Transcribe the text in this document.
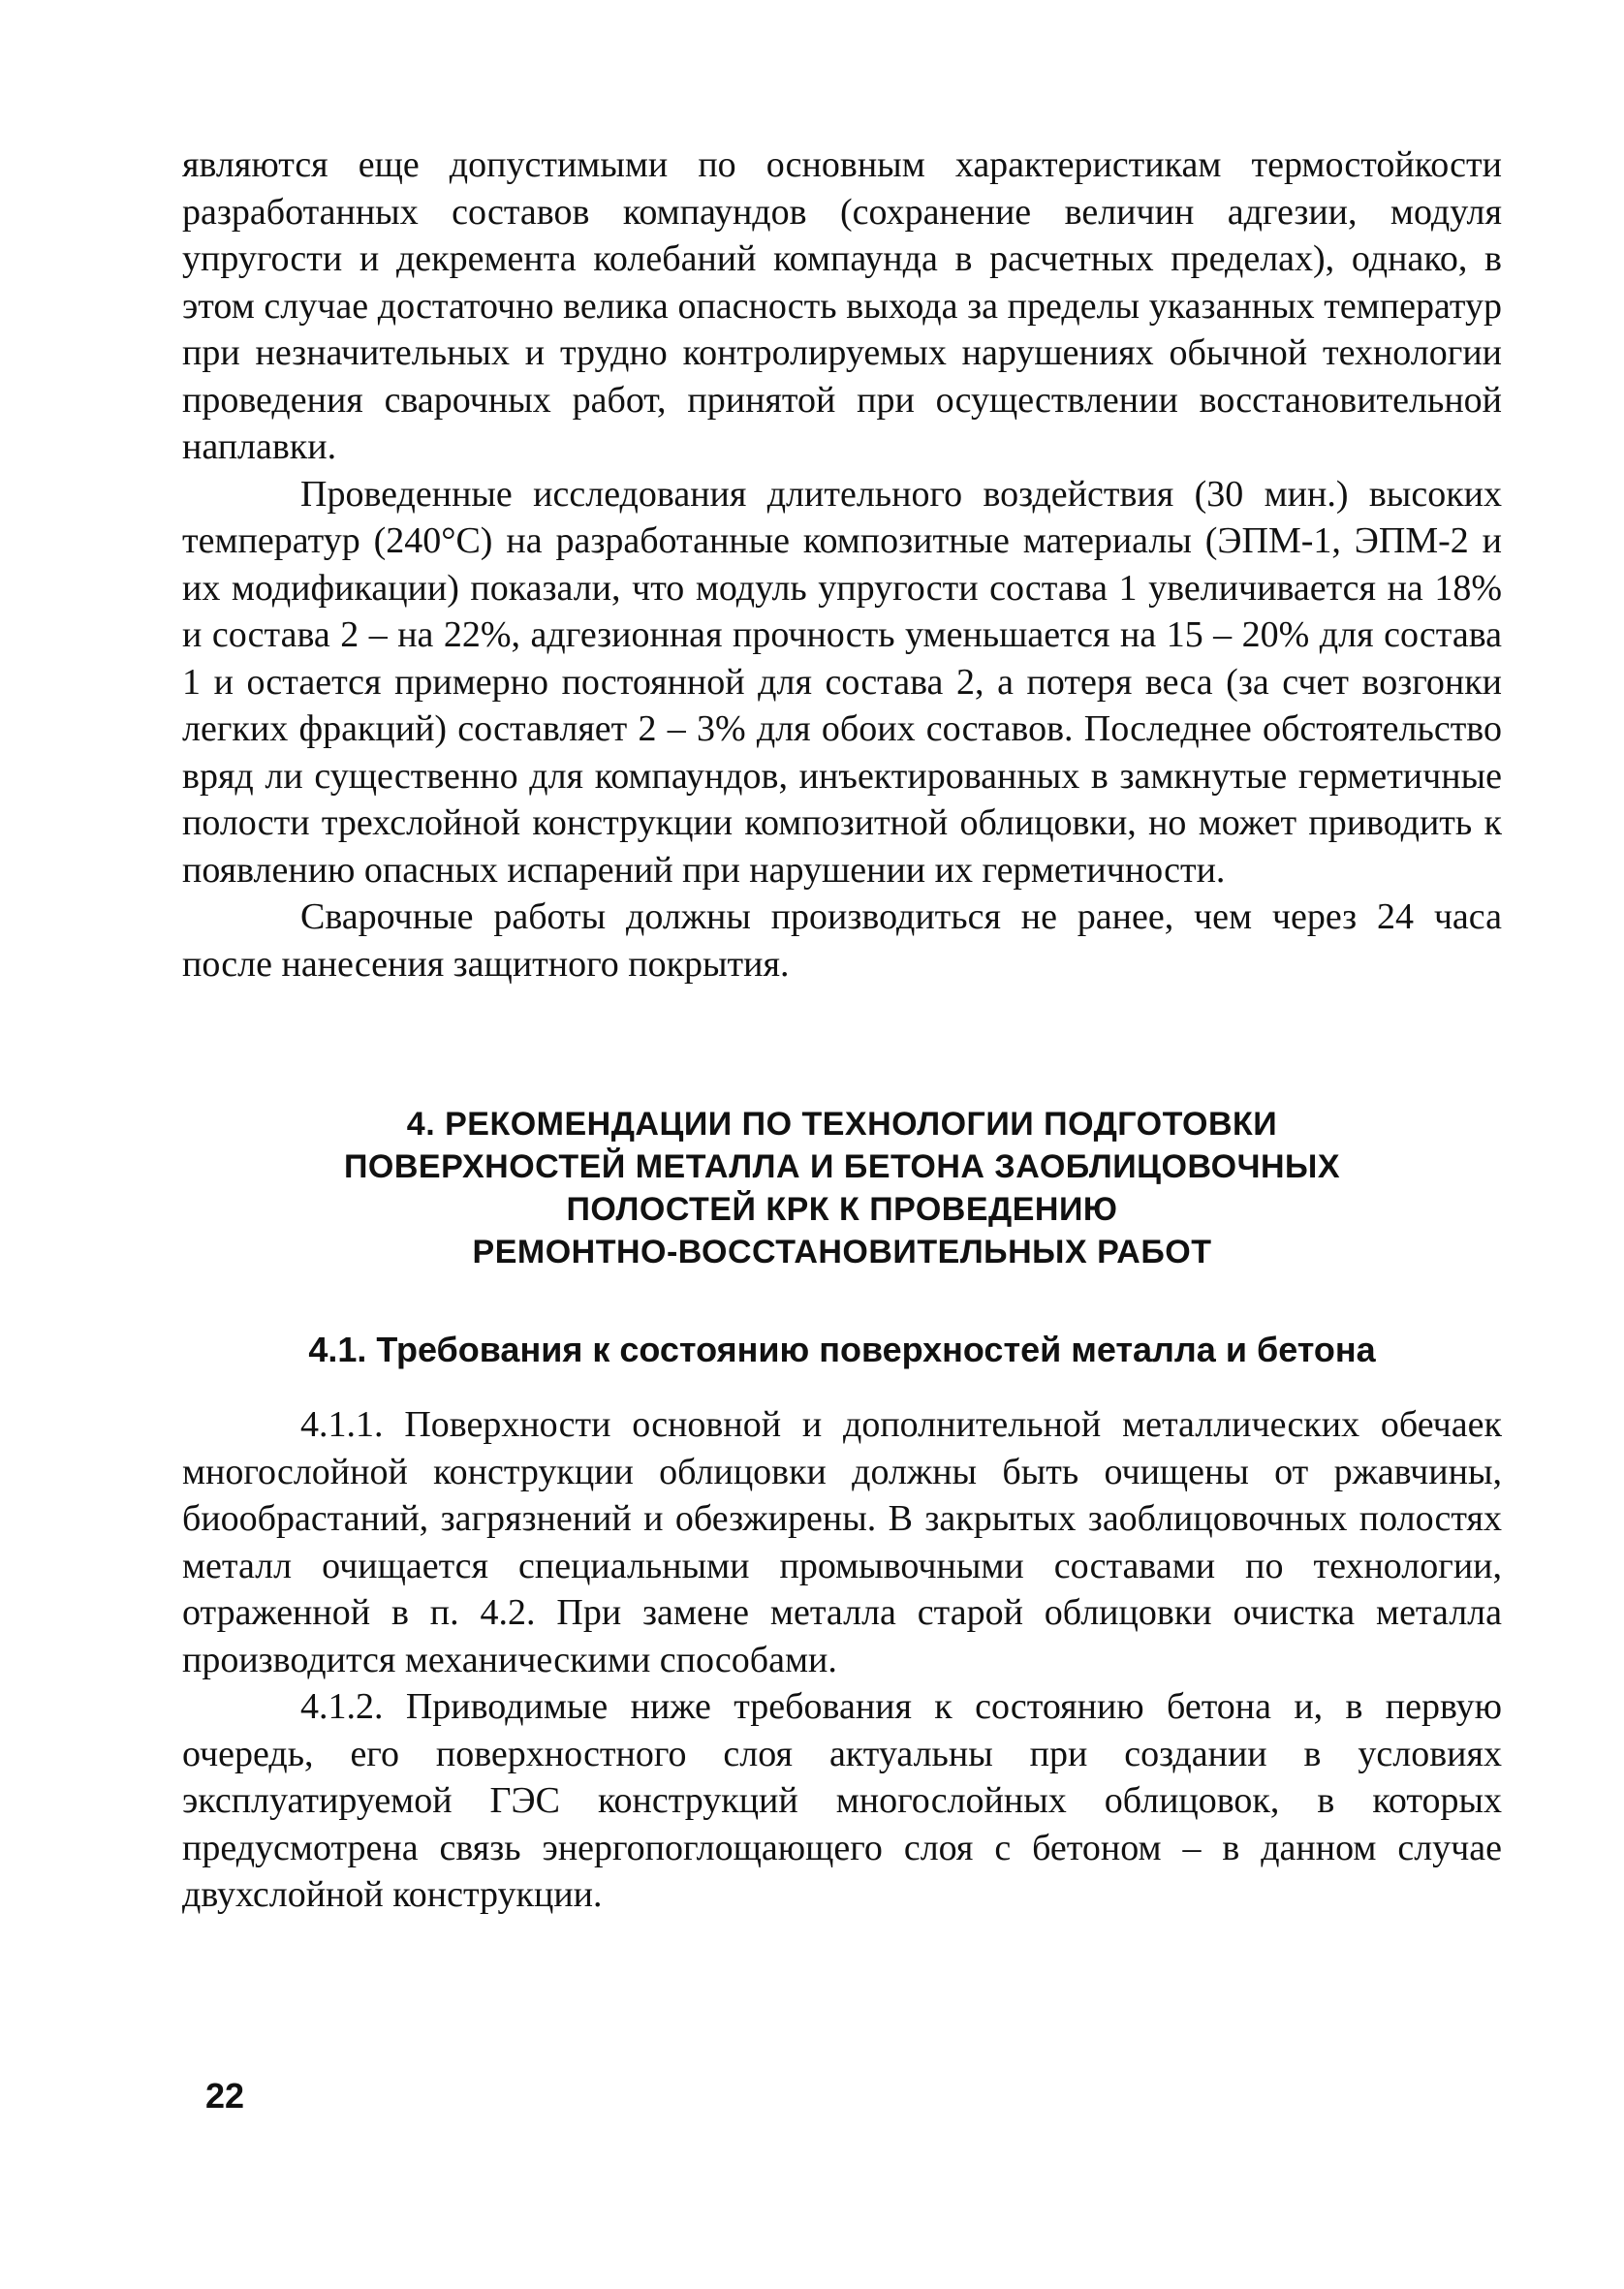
являются еще допустимыми по основным характеристикам термостойкости разработанных составов компаундов (сохранение величин адгезии, модуля упругости и декремента колебаний компаунда в расчетных пределах), однако, в этом случае достаточно велика опасность выхода за пределы указанных температур при незначительных и трудно контролируемых нарушениях обычной технологии проведения сварочных работ, принятой при осуществлении восстановительной наплавки.

Проведенные исследования длительного воздействия (30 мин.) высоких температур (240°С) на разработанные композитные материалы (ЭПМ-1, ЭПМ-2 и их модификации) показали, что модуль упругости состава 1 увеличивается на 18% и состава 2 – на 22%, адгезионная прочность уменьшается на 15 – 20% для состава 1 и остается примерно постоянной для состава 2, а потеря веса (за счет возгонки легких фракций) составляет 2 – 3% для обоих составов. Последнее обстоятельство вряд ли существенно для компаундов, инъектированных в замкнутые герметичные полости трехслойной конструкции композитной облицовки, но может приводить к появлению опасных испарений при нарушении их герметичности.

Сварочные работы должны производиться не ранее, чем через 24 часа после нанесения защитного покрытия.

4. РЕКОМЕНДАЦИИ ПО ТЕХНОЛОГИИ ПОДГОТОВКИ
ПОВЕРХНОСТЕЙ МЕТАЛЛА И БЕТОНА ЗАОБЛИЦОВОЧНЫХ
ПОЛОСТЕЙ КРК К ПРОВЕДЕНИЮ
РЕМОНТНО-ВОССТАНОВИТЕЛЬНЫХ РАБОТ
4.1. Требования к состоянию поверхностей металла и бетона

4.1.1. Поверхности основной и дополнительной металлических обечаек многослойной конструкции облицовки должны быть очищены от ржавчины, биообрастаний, загрязнений и обезжирены. В закрытых заоблицовочных полостях металл очищается специальными промывочными составами по технологии, отраженной в п. 4.2. При замене металла старой облицовки очистка металла производится механическими способами.

4.1.2. Приводимые ниже требования к состоянию бетона и, в первую очередь, его поверхностного слоя актуальны при создании в условиях эксплуатируемой ГЭС конструкций многослойных облицовок, в которых предусмотрена связь энергопоглощающего слоя с бетоном – в данном случае двухслойной конструкции.

22
